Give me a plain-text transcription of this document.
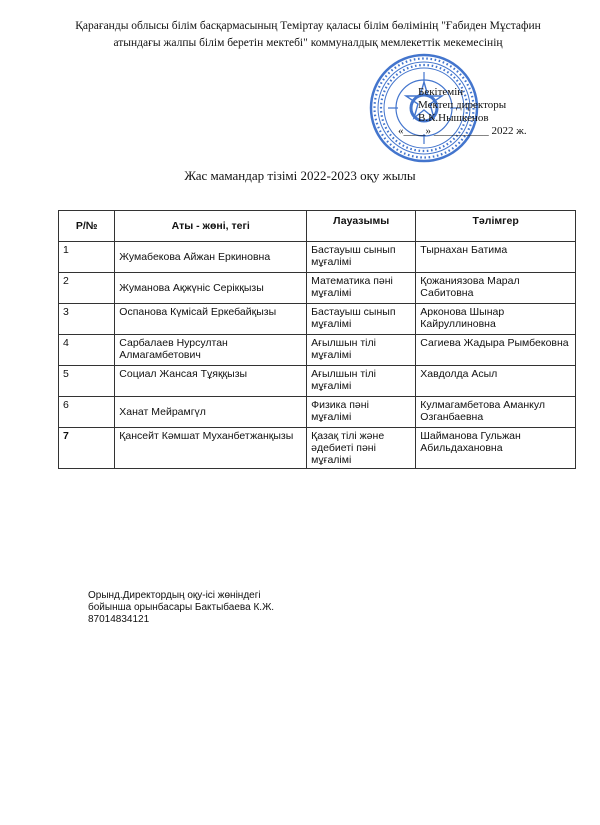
Қарағанды облысы білім басқармасының Теміртау қаласы білім бөлімінің "Ғабиден Мұстафин
атындағы жалпы білім беретін мектебі" коммуналдық мемлекеттік мекемесінің
Бекітемін
Мектеп директоры
В.К.Нышкенов
«____» __________ 2022 ж.
Жас мамандар тізімі 2022-2023 оқу жылы
Р/№	Аты - жөні, тегі	Лауазымы	Тәлімгер
1	Жумабекова Айжан Еркиновна	Бастауыш сынып мұғалімі	Тырнахан Батима
2	Жуманова Ақжүніс Серікқызы	Математика пәні мұғалімі	Қожаниязова Марал Сабитовна
3	Оспанова Күмісай Еркебайқызы	Бастауыш сынып мұғалімі	Арконова Шынар Кайруллиновна
4	Сарбалаев Нурсултан Алмагамбетович	Ағылшын тілі мұғалімі	Сагиева Жадыра Рымбековна
5	Социал Жансая Тұяққызы	Ағылшын тілі мұғалімі	Хавдолда Асыл
6	Ханат Мейрамгүл	Физика пәні мұғалімі	Кулмагамбетова Аманкул Озганбаевна
7	Қансейт Кәмшат Муханбетжанқызы	Қазақ тілі және әдебиеті пәні мұғалімі	Шайманова Гульжан Абильдахановна
Орынд.Директордың оқу-ісі жөніндегі
бойынша орынбасары Бактыбаева К.Ж.
87014834121
